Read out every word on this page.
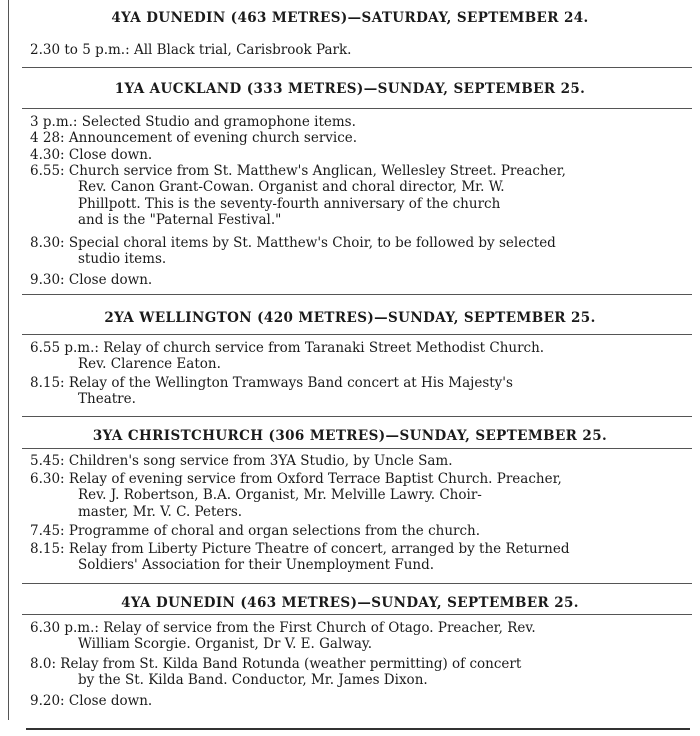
4YA DUNEDIN (463 METRES)—SATURDAY, SEPTEMBER 24.
2.30 to 5 p.m.: All Black trial, Carisbrook Park.
1YA AUCKLAND (333 METRES)—SUNDAY, SEPTEMBER 25.
3 p.m.: Selected Studio and gramophone items.
4 28: Announcement of evening church service.
4.30: Close down.
6.55: Church service from St. Matthew's Anglican, Wellesley Street. Preacher,
Rev. Canon Grant-Cowan. Organist and choral director, Mr. W.
Phillpott. This is the seventy-fourth anniversary of the church
and is the "Paternal Festival."
8.30: Special choral items by St. Matthew's Choir, to be followed by selected
studio items.
9.30: Close down.
2YA WELLINGTON (420 METRES)—SUNDAY, SEPTEMBER 25.
6.55 p.m.: Relay of church service from Taranaki Street Methodist Church.
Rev. Clarence Eaton.
8.15: Relay of the Wellington Tramways Band concert at His Majesty's
Theatre.
3YA CHRISTCHURCH (306 METRES)—SUNDAY, SEPTEMBER 25.
5.45: Children's song service from 3YA Studio, by Uncle Sam.
6.30: Relay of evening service from Oxford Terrace Baptist Church. Preacher,
Rev. J. Robertson, B.A. Organist, Mr. Melville Lawry. Choir-
master, Mr. V. C. Peters.
7.45: Programme of choral and organ selections from the church.
8.15: Relay from Liberty Picture Theatre of concert, arranged by the Returned
Soldiers' Association for their Unemployment Fund.
4YA DUNEDIN (463 METRES)—SUNDAY, SEPTEMBER 25.
6.30 p.m.: Relay of service from the First Church of Otago. Preacher, Rev.
William Scorgie. Organist, Dr V. E. Galway.
8.0: Relay from St. Kilda Band Rotunda (weather permitting) of concert
by the St. Kilda Band. Conductor, Mr. James Dixon.
9.20: Close down.
